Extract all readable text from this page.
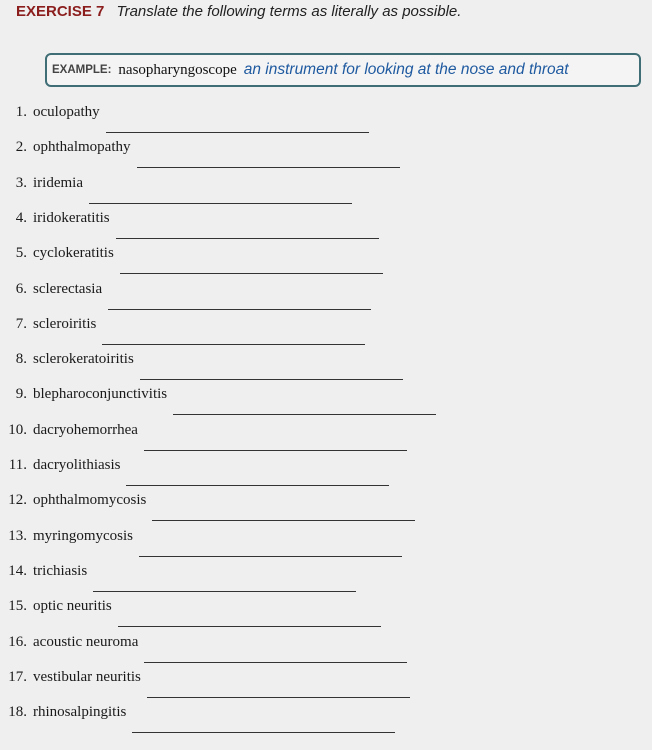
EXERCISE 7 Translate the following terms as literally as possible.
EXAMPLE: nasopharyngoscope an instrument for looking at the nose and throat
1. oculopathy
2. ophthalmopathy
3. iridemia
4. iridokeratitis
5. cyclokeratitis
6. sclerectasia
7. scleroiritis
8. sclerokeratoiritis
9. blepharoconjunctivitis
10. dacryohemorrhea
11. dacryolithiasis
12. ophthalmomycosis
13. myringomycosis
14. trichiasis
15. optic neuritis
16. acoustic neuroma
17. vestibular neuritis
18. rhinosalpingitis
